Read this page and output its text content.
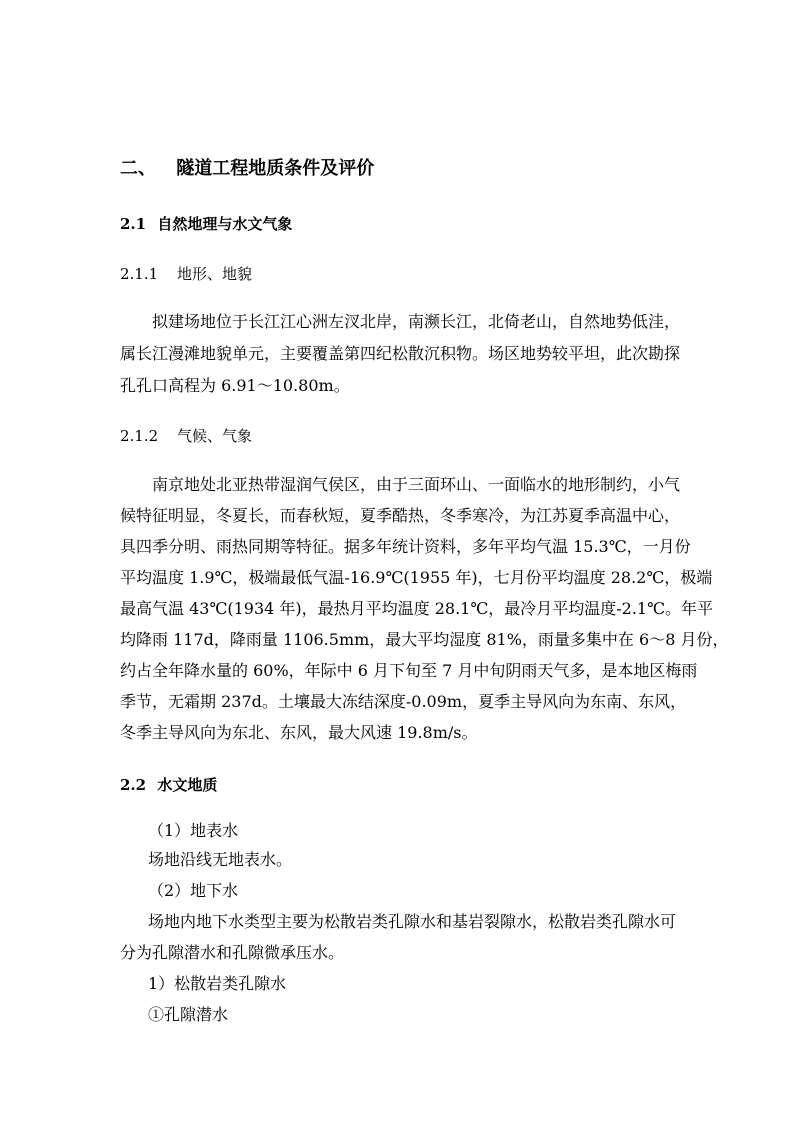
二、 隧道工程地质条件及评价
2.1 自然地理与水文气象
2.1.1 地形、地貌
拟建场地位于长江江心洲左汊北岸，南濒长江，北倚老山，自然地势低洼，
属长江漫滩地貌单元，主要覆盖第四纪松散沉积物。场区地势较平坦，此次勘探
孔孔口高程为 6.91～10.80m。
2.1.2 气候、气象
南京地处北亚热带湿润气侯区，由于三面环山、一面临水的地形制约，小气
候特征明显，冬夏长，而春秋短，夏季酷热，冬季寒冷，为江苏夏季高温中心，
具四季分明、雨热同期等特征。据多年统计资料，多年平均气温 15.3℃，一月份
平均温度 1.9℃，极端最低气温-16.9℃(1955 年)，七月份平均温度 28.2℃，极端
最高气温 43℃(1934 年)，最热月平均温度 28.1℃，最冷月平均温度-2.1℃。年平
均降雨 117d，降雨量 1106.5mm，最大平均湿度 81%，雨量多集中在 6～8 月份，
约占全年降水量的 60%，年际中 6 月下旬至 7 月中旬阴雨天气多，是本地区梅雨
季节，无霜期 237d。土壤最大冻结深度-0.09m，夏季主导风向为东南、东风，
冬季主导风向为东北、东风，最大风速 19.8m/s。
2.2 水文地质
（1）地表水
场地沿线无地表水。
（2）地下水
场地内地下水类型主要为松散岩类孔隙水和基岩裂隙水，松散岩类孔隙水可
分为孔隙潜水和孔隙微承压水。
1）松散岩类孔隙水
①孔隙潜水
